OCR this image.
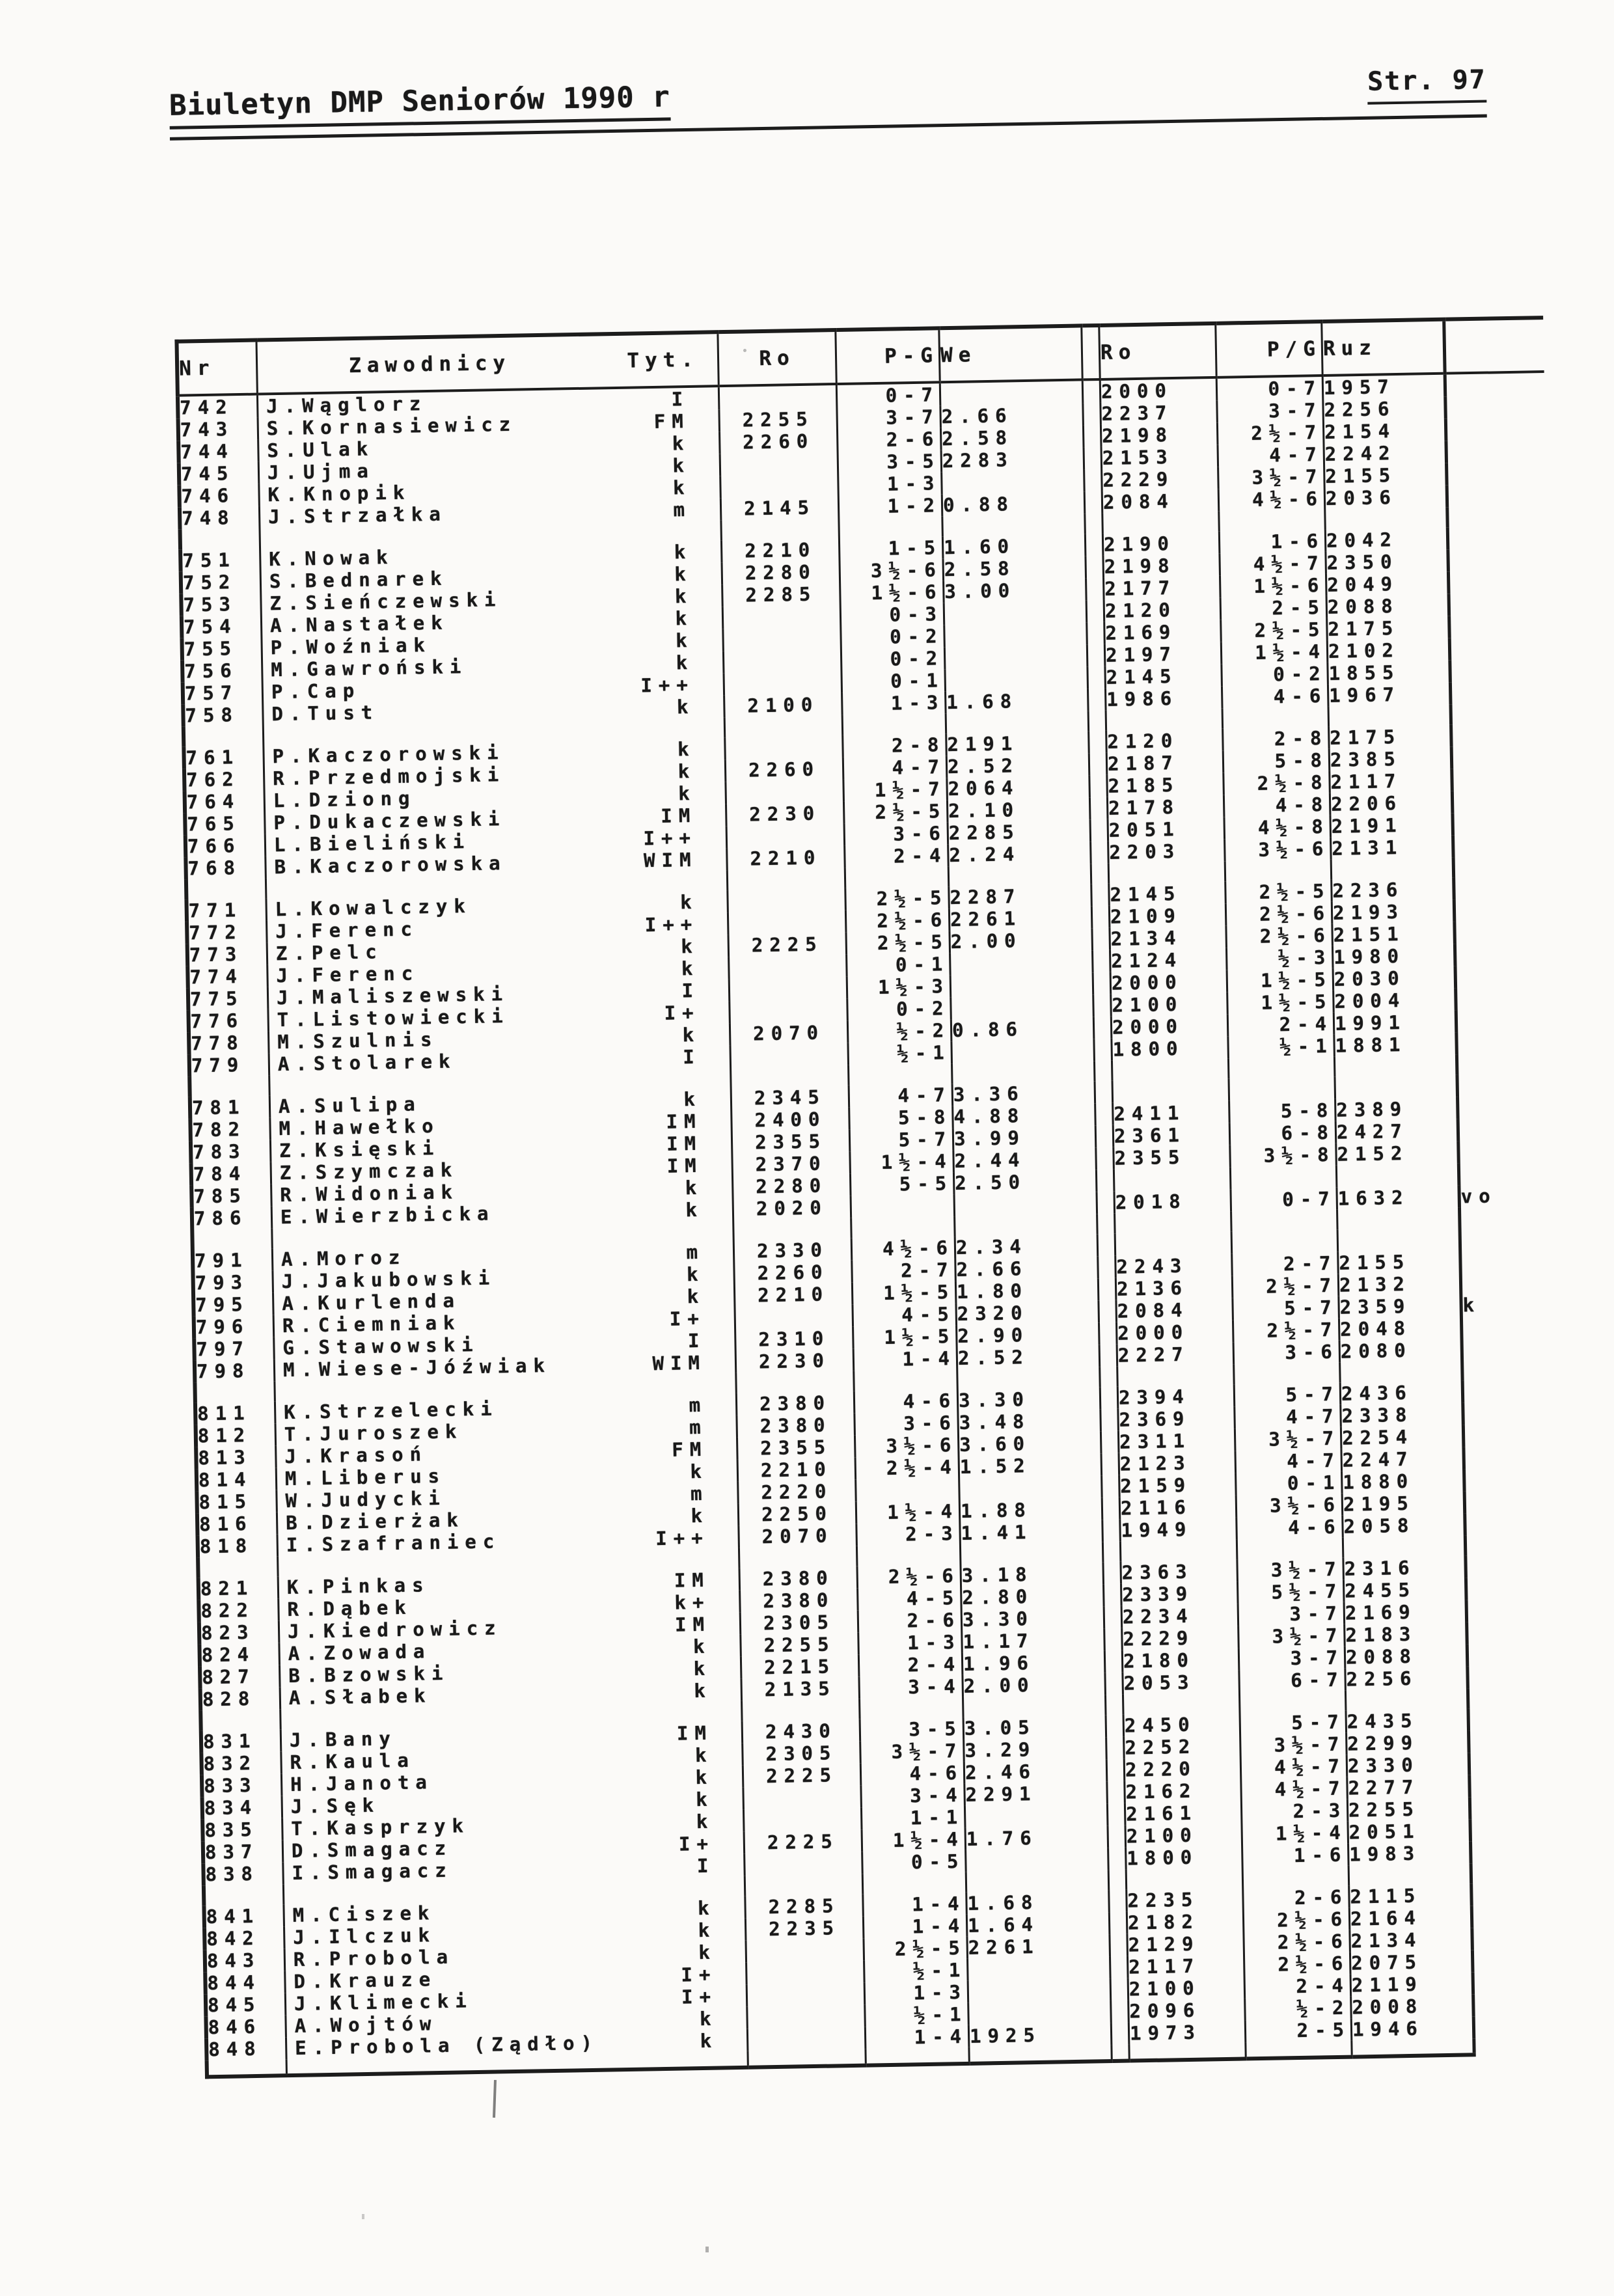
Biuletyn DMP Seniorów 1990 r	Str. 97
Nr	Zawodnicy Tyt.	Ro	P-G	We		Ro	P/G	Ruz	
742	J.Wąglorz I		0-7			2000	0-7	1957	
743	S.Kornasiewicz FM	2255	3-7	2.66		2237	3-7	2256	
744	S.Ulak k	2260	2-6	2.58		2198	2½-7	2154	
745	J.Ujma k		3-5	2283		2153	4-7	2242	
746	K.Knopik k		1-3			2229	3½-7	2155	
748	J.Strzałka m	2145	1-2	0.88		2084	4½-6	2036	

751	K.Nowak k	2210	1-5	1.60		2190	1-6	2042	
752	S.Bednarek k	2280	3½-6	2.58		2198	4½-7	2350	
753	Z.Sieńczewski k	2285	1½-6	3.00		2177	1½-6	2049	
754	A.Nastałek k		0-3			2120	2-5	2088	
755	P.Woźniak k		0-2			2169	2½-5	2175	
756	M.Gawroński k		0-2			2197	1½-4	2102	
757	P.Cap I++		0-1			2145	0-2	1855	
758	D.Tust k	2100	1-3	1.68		1986	4-6	1967	

761	P.Kaczorowski k		2-8	2191		2120	2-8	2175	
762	R.Przedmojski k	2260	4-7	2.52		2187	5-8	2385	
764	L.Dziong k		1½-7	2064		2185	2½-8	2117	
765	P.Dukaczewski IM	2230	2½-5	2.10		2178	4-8	2206	
766	L.Bieliński I++		3-6	2285		2051	4½-8	2191	
768	B.Kaczorowska WIM	2210	2-4	2.24		2203	3½-6	2131	

771	L.Kowalczyk k		2½-5	2287		2145	2½-5	2236	
772	J.Ferenc I++		2½-6	2261		2109	2½-6	2193	
773	Z.Pelc k	2225	2½-5	2.00		2134	2½-6	2151	
774	J.Ferenc k		0-1			2124	½-3	1980	
775	J.Maliszewski I		1½-3			2000	1½-5	2030	
776	T.Listowiecki I+		0-2			2100	1½-5	2004	
778	M.Szulnis k	2070	½-2	0.86		2000	2-4	1991	
779	A.Stolarek I		½-1			1800	½-1	1881	

781	A.Sulipa k	2345	4-7	3.36					
782	M.Hawełko IM	2400	5-8	4.88		2411	5-8	2389	
783	Z.Księski IM	2355	5-7	3.99		2361	6-8	2427	
784	Z.Szymczak IM	2370	1½-4	2.44		2355	3½-8	2152	
785	R.Widoniak k	2280	5-5	2.50					
786	E.Wierzbicka k	2020				2018	0-7	1632	vo

791	A.Moroz m	2330	4½-6	2.34					
793	J.Jakubowski k	2260	2-7	2.66		2243	2-7	2155	
795	A.Kurlenda k	2210	1½-5	1.80		2136	2½-7	2132	
796	R.Ciemniak I+		4-5	2320		2084	5-7	2359	k
797	G.Stawowski I	2310	1½-5	2.90		2000	2½-7	2048	
798	M.Wiese-Jóźwiak WIM	2230	1-4	2.52		2227	3-6	2080	

811	K.Strzelecki m	2380	4-6	3.30		2394	5-7	2436	
812	T.Juroszek m	2380	3-6	3.48		2369	4-7	2338	
813	J.Krasoń FM	2355	3½-6	3.60		2311	3½-7	2254	
814	M.Liberus k	2210	2½-4	1.52		2123	4-7	2247	
815	W.Judycki m	2220				2159	0-1	1880	
816	B.Dzierżak k	2250	1½-4	1.88		2116	3½-6	2195	
818	I.Szafraniec I++	2070	2-3	1.41		1949	4-6	2058	

821	K.Pinkas IM	2380	2½-6	3.18		2363	3½-7	2316	
822	R.Dąbek k+	2380	4-5	2.80		2339	5½-7	2455	
823	J.Kiedrowicz IM	2305	2-6	3.30		2234	3-7	2169	
824	A.Zowada k	2255	1-3	1.17		2229	3½-7	2183	
827	B.Bzowski k	2215	2-4	1.96		2180	3-7	2088	
828	A.Słabek k	2135	3-4	2.00		2053	6-7	2256	

831	J.Bany IM	2430	3-5	3.05		2450	5-7	2435	
832	R.Kaula k	2305	3½-7	3.29		2252	3½-7	2299	
833	H.Janota k	2225	4-6	2.46		2220	4½-7	2330	
834	J.Sęk k		3-4	2291		2162	4½-7	2277	
835	T.Kasprzyk k		1-1			2161	2-3	2255	
837	D.Smagacz I+	2225	1½-4	1.76		2100	1½-4	2051	
838	I.Smagacz I		0-5			1800	1-6	1983	

841	M.Ciszek k	2285	1-4	1.68		2235	2-6	2115	
842	J.Ilczuk k	2235	1-4	1.64		2182	2½-6	2164	
843	R.Probola k		2½-5	2261		2129	2½-6	2134	
844	D.Krauze I+		½-1			2117	2½-6	2075	
845	J.Klimecki I+		1-3			2100	2-4	2119	
846	A.Wojtów k		½-1			2096	½-2	2008	
848	E.Probola (Ządło) k		1-4	1925		1973	2-5	1946	
